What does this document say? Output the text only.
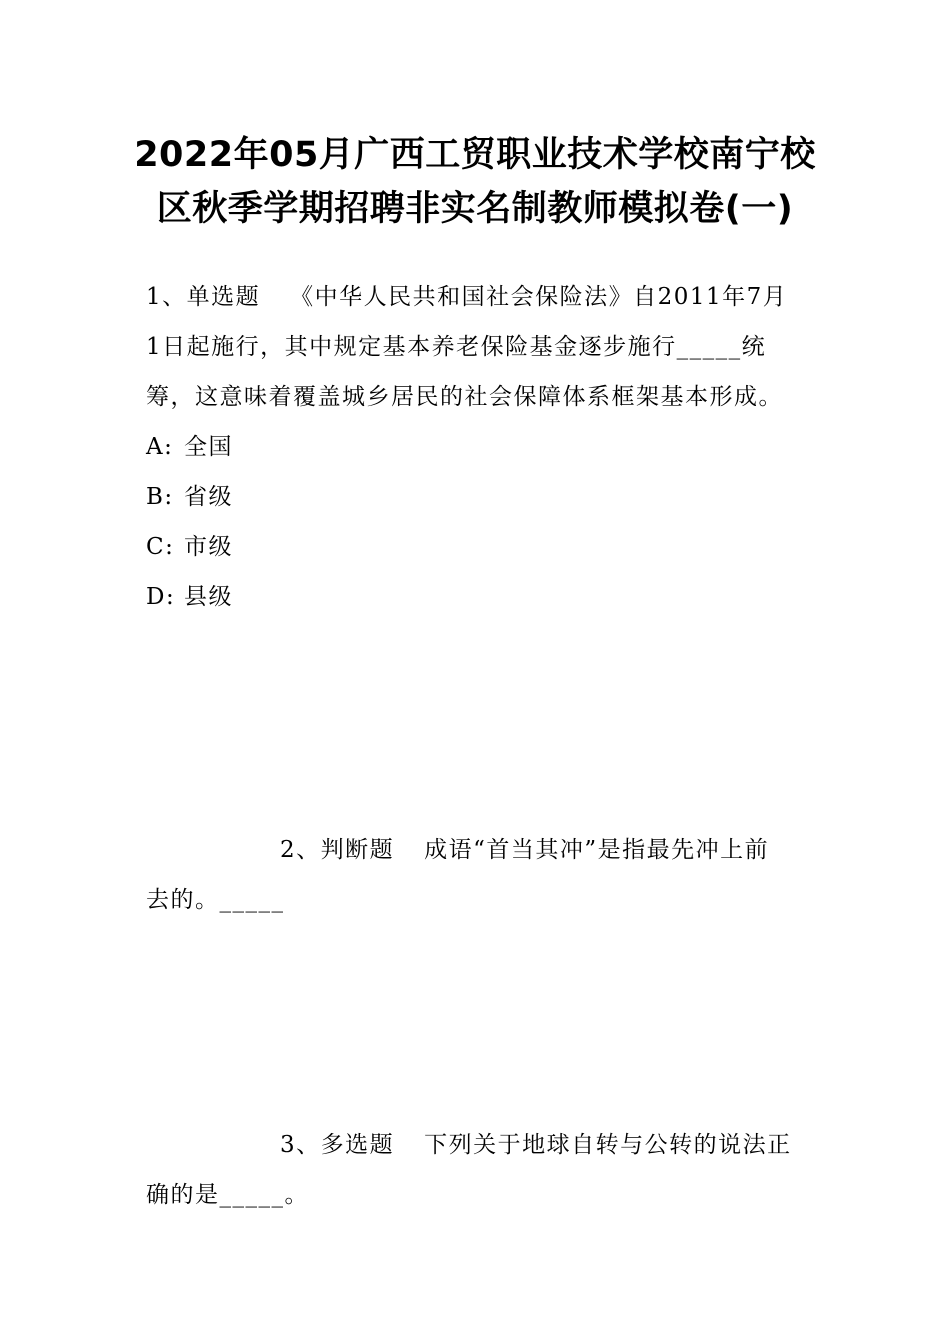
2022年05月广西工贸职业技术学校南宁校
区秋季学期招聘非实名制教师模拟卷(一)
1、单选题 《中华人民共和国社会保险法》自2011年7月
1日起施行，其中规定基本养老保险基金逐步施行_____统
筹，这意味着覆盖城乡居民的社会保障体系框架基本形成。
A: 全国
B: 省级
C: 市级
D: 县级
2、判断题 成语“首当其冲”是指最先冲上前
去的。_____
3、多选题 下列关于地球自转与公转的说法正
确的是_____。
